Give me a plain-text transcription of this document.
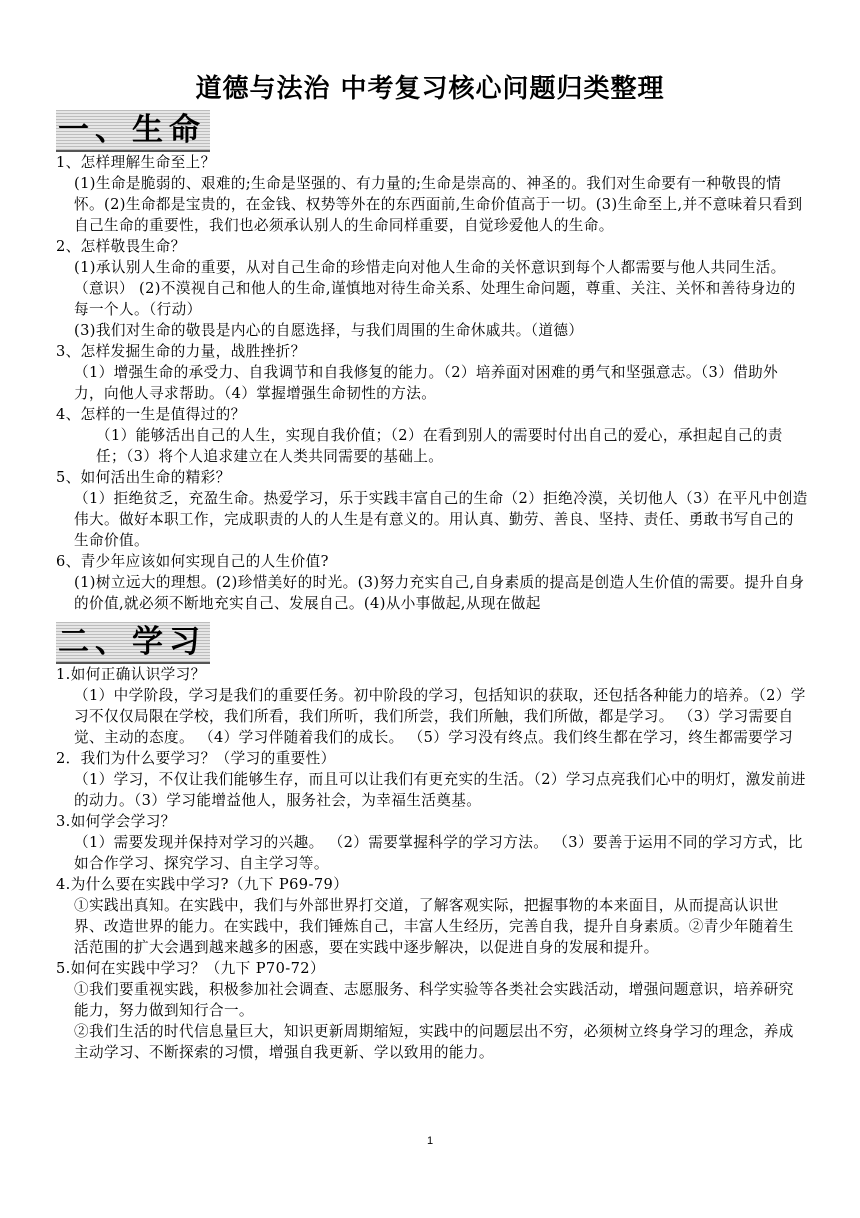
道德与法治 中考复习核心问题归类整理
一、生命

1、怎样理解生命至上？

(1)生命是脆弱的、艰难的;生命是坚强的、有力量的;生命是崇高的、神圣的。我们对生命要有一种敬畏的情怀。(2)生命都是宝贵的，在金钱、权势等外在的东西面前,生命价值高于一切。(3)生命至上,并不意味着只看到自己生命的重要性，我们也必须承认别人的生命同样重要，自觉珍爱他人的生命。

2、怎样敬畏生命？

(1)承认别人生命的重要，从对自己生命的珍惜走向对他人生命的关怀意识到每个人都需要与他人共同生活。（意识） (2)不漠视自己和他人的生命,谨慎地对待生命关系、处理生命问题，尊重、关注、关怀和善待身边的每一个人。（行动）

(3)我们对生命的敬畏是内心的自愿选择，与我们周围的生命休戚共。（道德）

3、怎样发掘生命的力量，战胜挫折？

（1）增强生命的承受力、自我调节和自我修复的能力。（2）培养面对困难的勇气和坚强意志。（3）借助外力，向他人寻求帮助。（4）掌握增强生命韧性的方法。

4、怎样的一生是值得过的？

（1）能够活出自己的人生，实现自我价值；（2）在看到别人的需要时付出自己的爱心，承担起自己的责任；（3）将个人追求建立在人类共同需要的基础上。

5、如何活出生命的精彩？

（1）拒绝贫乏，充盈生命。热爱学习，乐于实践丰富自己的生命（2）拒绝冷漠，关切他人（3）在平凡中创造伟大。做好本职工作，完成职责的人的人生是有意义的。用认真、勤劳、善良、坚持、责任、勇敢书写自己的生命价值。

6、青少年应该如何实现自己的人生价值?

(1)树立远大的理想。(2)珍惜美好的时光。(3)努力充实自己,自身素质的提高是创造人生价值的需要。提升自身的价值,就必须不断地充实自己、发展自己。(4)从小事做起,从现在做起

二、学习

1.如何正确认识学习？

（1）中学阶段，学习是我们的重要任务。初中阶段的学习，包括知识的获取，还包括各种能力的培养。（2）学习不仅仅局限在学校，我们所看，我们所听，我们所尝，我们所触，我们所做，都是学习。 （3）学习需要自觉、主动的态度。 （4）学习伴随着我们的成长。 （5）学习没有终点。我们终生都在学习，终生都需要学习

2．我们为什么要学习？（学习的重要性）

（1）学习，不仅让我们能够生存，而且可以让我们有更充实的生活。（2）学习点亮我们心中的明灯，激发前进的动力。（3）学习能增益他人，服务社会，为幸福生活奠基。

3.如何学会学习？

（1）需要发现并保持对学习的兴趣。 （2）需要掌握科学的学习方法。 （3）要善于运用不同的学习方式，比如合作学习、探究学习、自主学习等。

4.为什么要在实践中学习?（九下 P69-79）

①实践出真知。在实践中，我们与外部世界打交道，了解客观实际，把握事物的本来面目，从而提高认识世界、改造世界的能力。在实践中，我们锤炼自己，丰富人生经历，完善自我，提升自身素质。②青少年随着生活范围的扩大会遇到越来越多的困惑，要在实践中逐步解决，以促进自身的发展和提升。

5.如何在实践中学习？（九下 P70-72）

①我们要重视实践，积极参加社会调查、志愿服务、科学实验等各类社会实践活动，增强问题意识，培养研究能力，努力做到知行合一。

②我们生活的时代信息量巨大，知识更新周期缩短，实践中的问题层出不穷，必须树立终身学习的理念，养成主动学习、不断探索的习惯，增强自我更新、学以致用的能力。

1
